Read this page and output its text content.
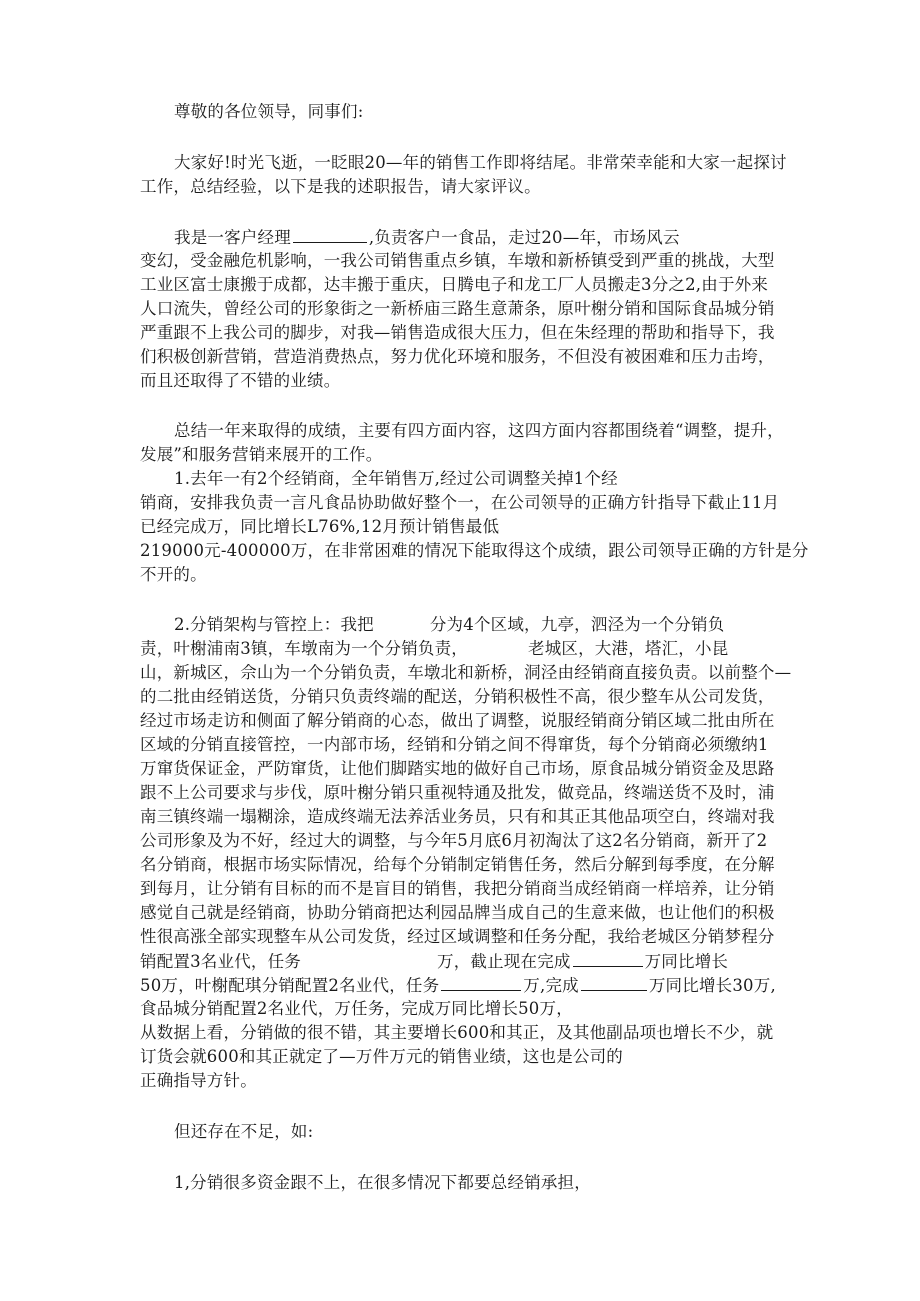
尊敬的各位领导，同事们:
大家好!时光飞逝，一眨眼20—年的销售工作即将结尾。非常荣幸能和大家一起探讨
工作，总结经验，以下是我的述职报告，请大家评议。
我是一客户经理	,负责客户一食品，走过20—年，市场风云
变幻，受金融危机影响，一我公司销售重点乡镇，车墩和新桥镇受到严重的挑战，大型
工业区富士康搬于成都，达丰搬于重庆，日腾电子和龙工厂人员搬走3分之2,由于外来
人口流失，曾经公司的形象街之一新桥庙三路生意萧条，原叶榭分销和国际食品城分销
严重跟不上我公司的脚步，对我—销售造成很大压力，但在朱经理的帮助和指导下，我
们积极创新营销，营造消费热点，努力优化环境和服务，不但没有被困难和压力击垮，
而且还取得了不错的业绩。
总结一年来取得的成绩，主要有四方面内容，这四方面内容都围绕着“调整，提升，
发展”和服务营销来展开的工作。
1.去年一有2个经销商，全年销售万,经过公司调整关掉1个经
销商，安排我负责一言凡食品协助做好整个一，在公司领导的正确方针指导下截止11月
已经完成万，同比增长L76%,12月预计销售最低
219000元-400000万，在非常困难的情况下能取得这个成绩，跟公司领导正确的方针是分
不开的。
2.分销架构与管控上：我把	分为4个区域，九亭，泗泾为一个分销负
责，叶榭浦南3镇，车墩南为一个分销负责，	老城区，大港，塔汇，小昆
山，新城区，佘山为一个分销负责，车墩北和新桥，洞泾由经销商直接负责。以前整个—
的二批由经销送货，分销只负责终端的配送，分销积极性不高，很少整车从公司发货，
经过市场走访和侧面了解分销商的心态，做出了调整，说服经销商分销区域二批由所在
区域的分销直接管控，一内部市场，经销和分销之间不得窜货，每个分销商必须缴纳1
万窜货保证金，严防窜货，让他们脚踏实地的做好自己市场，原食品城分销资金及思路
跟不上公司要求与步伐，原叶榭分销只重视特通及批发，做竞品，终端送货不及时，浦
南三镇终端一塌糊涂，造成终端无法养活业务员，只有和其正其他品项空白，终端对我
公司形象及为不好，经过大的调整，与今年5月底6月初淘汰了这2名分销商，新开了2
名分销商，根据市场实际情况，给每个分销制定销售任务，然后分解到每季度，在分解
到每月，让分销有目标的而不是盲目的销售，我把分销商当成经销商一样培养，让分销
感觉自己就是经销商，协助分销商把达利园品牌当成自己的生意来做，也让他们的积极
性很高涨全部实现整车从公司发货，经过区域调整和任务分配，我给老城区分销梦程分
销配置3名业代，任务	万，截止现在完成	万同比增长
50万，叶榭配琪分销配置2名业代，任务	万,完成	万同比增长30万,
食品城分销配置2名业代，万任务，完成万同比增长50万，
从数据上看，分销做的很不错，其主要增长600和其正，及其他副品项也增长不少，就
订货会就600和其正就定了—万件万元的销售业绩，这也是公司的
正确指导方针。
但还存在不足，如:
1,分销很多资金跟不上，在很多情况下都要总经销承担，
